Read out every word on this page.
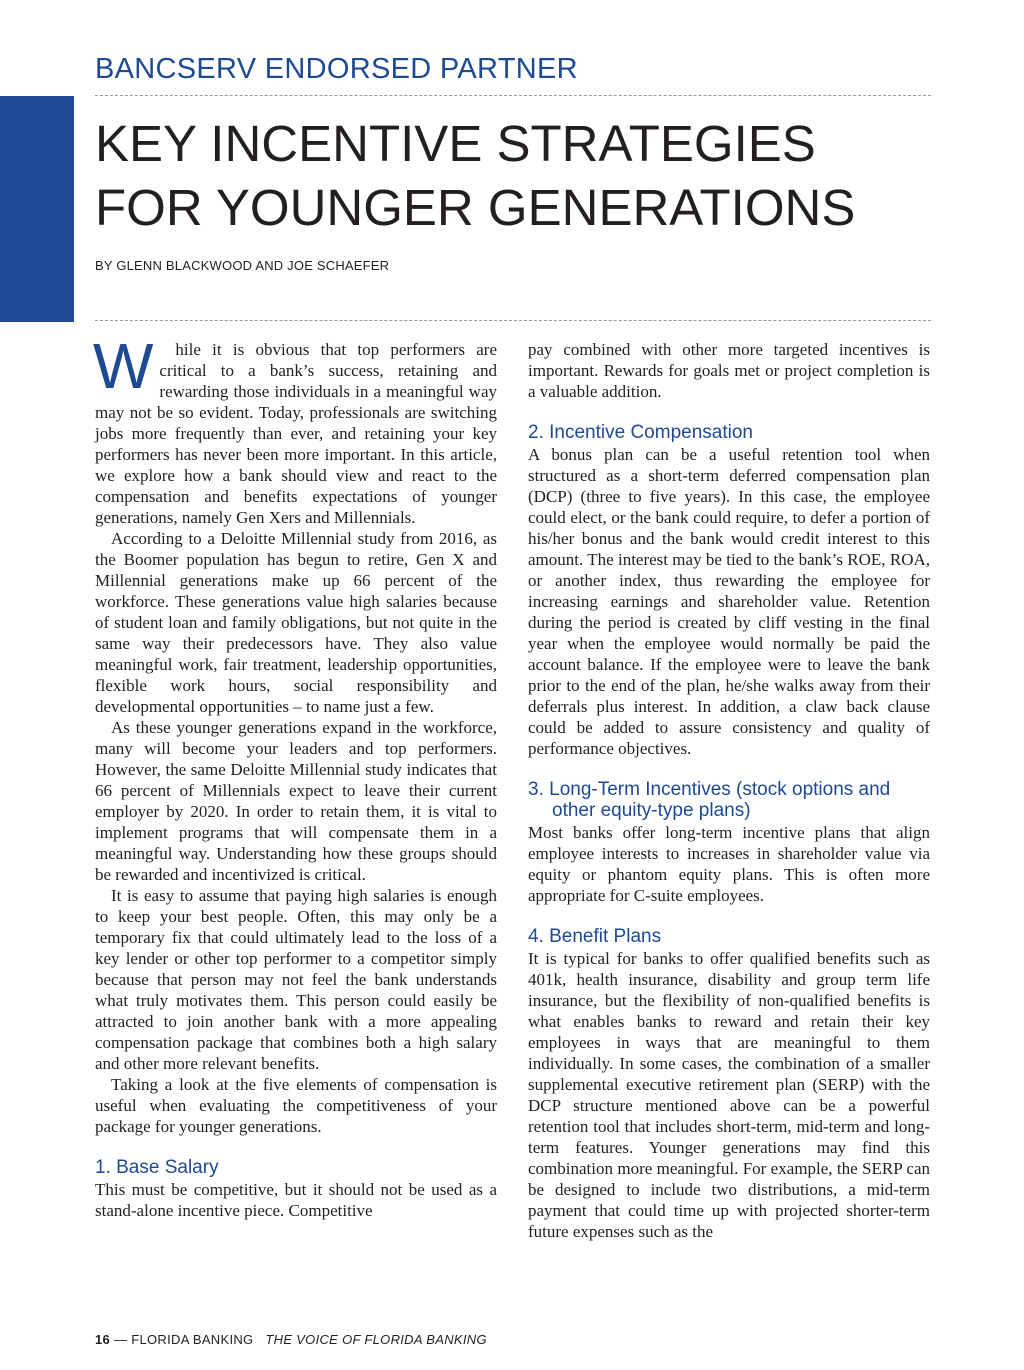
BANCSERV ENDORSED PARTNER
KEY INCENTIVE STRATEGIES
FOR YOUNGER GENERATIONS
BY GLENN BLACKWOOD AND JOE SCHAEFER

W hile it is obvious that top performers are critical to a bank’s success, retaining and rewarding those individuals in a meaningful way may not be so evident. Today, professionals are switching jobs more frequently than ever, and retaining your key performers has never been more important. In this article, we explore how a bank should view and react to the compensation and benefits expectations of younger generations, namely Gen Xers and Millennials.

According to a Deloitte Millennial study from 2016, as the Boomer population has begun to retire, Gen X and Millennial generations make up 66 percent of the workforce. These generations value high salaries because of student loan and family obligations, but not quite in the same way their predecessors have. They also value meaningful work, fair treatment, leadership opportunities, flexible work hours, social responsibility and developmental opportunities – to name just a few.

As these younger generations expand in the workforce, many will become your leaders and top performers. However, the same Deloitte Millennial study indicates that 66 percent of Millennials expect to leave their current employer by 2020. In order to retain them, it is vital to implement programs that will compensate them in a meaningful way. Understanding how these groups should be rewarded and incentivized is critical.

It is easy to assume that paying high salaries is enough to keep your best people. Often, this may only be a temporary fix that could ultimately lead to the loss of a key lender or other top performer to a competitor simply because that person may not feel the bank understands what truly motivates them. This person could easily be attracted to join another bank with a more appealing compensation package that combines both a high salary and other more relevant benefits.

Taking a look at the five elements of compensation is useful when evaluating the competitiveness of your package for younger generations.

1. Base Salary

This must be competitive, but it should not be used as a stand-alone incentive piece. Competitive

pay combined with other more targeted incentives is important. Rewards for goals met or project completion is a valuable addition.

2. Incentive Compensation

A bonus plan can be a useful retention tool when structured as a short-term deferred compensation plan (DCP) (three to five years). In this case, the employee could elect, or the bank could require, to defer a portion of his/her bonus and the bank would credit interest to this amount. The interest may be tied to the bank’s ROE, ROA, or another index, thus rewarding the employee for increasing earnings and shareholder value. Retention during the period is created by cliff vesting in the final year when the employee would normally be paid the account balance. If the employee were to leave the bank prior to the end of the plan, he/she walks away from their deferrals plus interest. In addition, a claw back clause could be added to assure consistency and quality of performance objectives.

3. Long-Term Incentives (stock options and other equity-type plans)

Most banks offer long-term incentive plans that align employee interests to increases in shareholder value via equity or phantom equity plans. This is often more appropriate for C-suite employees.

4. Benefit Plans

It is typical for banks to offer qualified benefits such as 401k, health insurance, disability and group term life insurance, but the flexibility of non-qualified benefits is what enables banks to reward and retain their key employees in ways that are meaningful to them individually. In some cases, the combination of a smaller supplemental executive retirement plan (SERP) with the DCP structure mentioned above can be a powerful retention tool that includes short-term, mid-term and long-term features. Younger generations may find this combination more meaningful. For example, the SERP can be designed to include two distributions, a mid-term payment that could time up with projected shorter-term future expenses such as the

16 — FLORIDA BANKING THE VOICE OF FLORIDA BANKING
